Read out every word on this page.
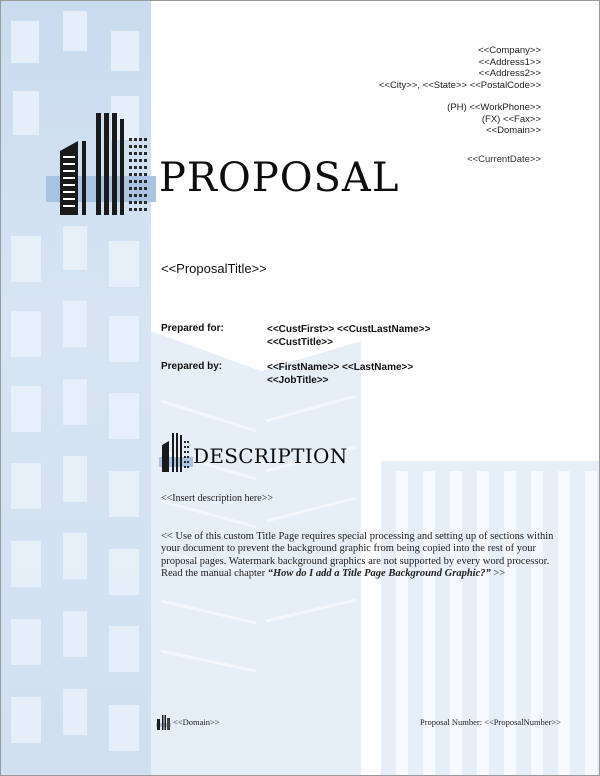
<<Company>>
<<Address1>>
<<Address2>>
<<City>>, <<State>> <<PostalCode>>
(PH) <<WorkPhone>>
(FX) <<Fax>>
<<Domain>>
<<CurrentDate>>
PROPOSAL
<<ProposalTitle>>
Prepared for:	<<CustFirst>> <<CustLastName>>
<<CustTitle>>
Prepared by:	<<FirstName>> <<LastName>>
<<JobTitle>>
DESCRIPTION
<<Insert description here>>
<< Use of this custom Title Page requires special processing and setting up of sections within your document to prevent the background graphic from being copied into the rest of your proposal pages. Watermark background graphics are not supported by every word processor. Read the manual chapter “How do I add a Title Page Background Graphic?” >>
<<Domain>>	Proposal Number: <<ProposalNumber>>
